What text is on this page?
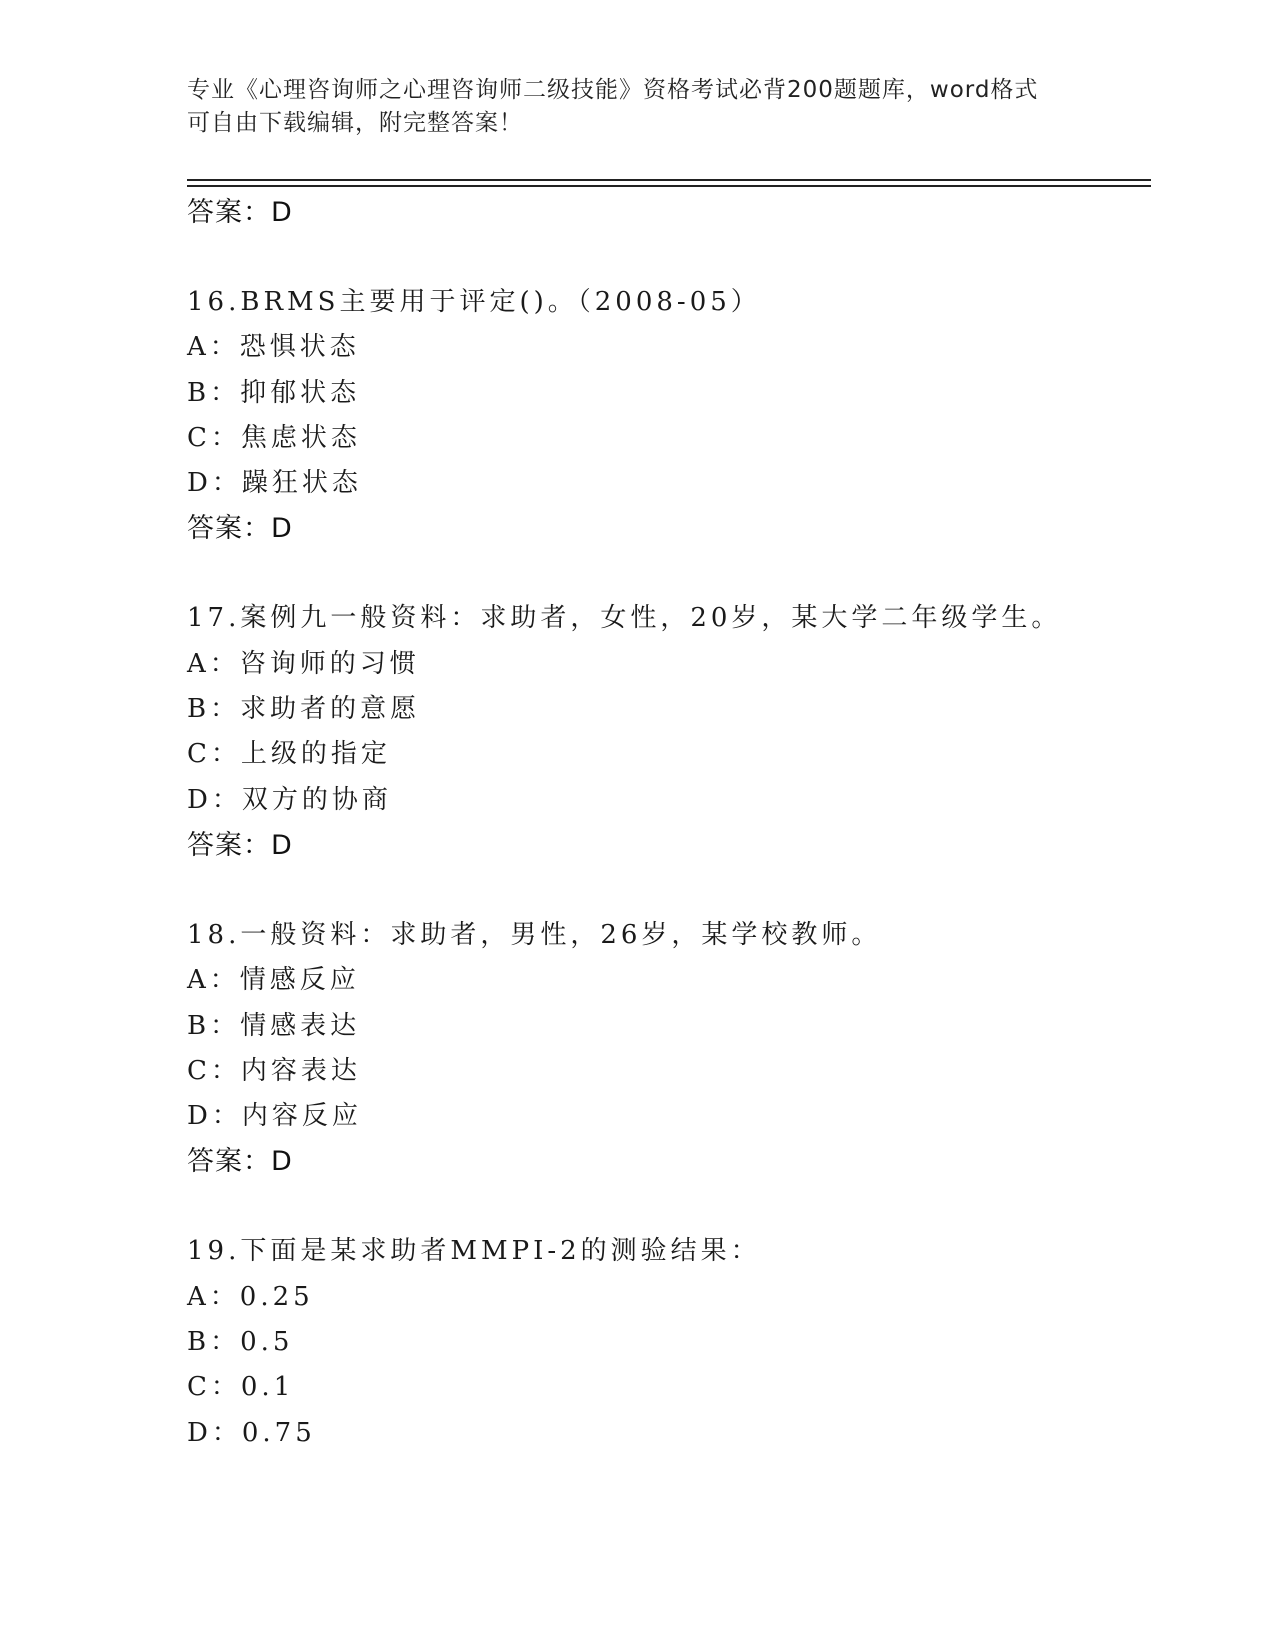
专业《心理咨询师之心理咨询师二级技能》资格考试必背200题题库，word格式
可自由下载编辑，附完整答案！
答案：D
16.BRMS主要用于评定()。（2008-05）
A：恐惧状态
B：抑郁状态
C：焦虑状态
D：躁狂状态
答案：D
17.案例九一般资料：求助者，女性，20岁，某大学二年级学生。
A：咨询师的习惯
B：求助者的意愿
C：上级的指定
D：双方的协商
答案：D
18.一般资料：求助者，男性，26岁，某学校教师。
A：情感反应
B：情感表达
C：内容表达
D：内容反应
答案：D
19.下面是某求助者MMPI-2的测验结果：
A：0.25
B：0.5
C：0.1
D：0.75
